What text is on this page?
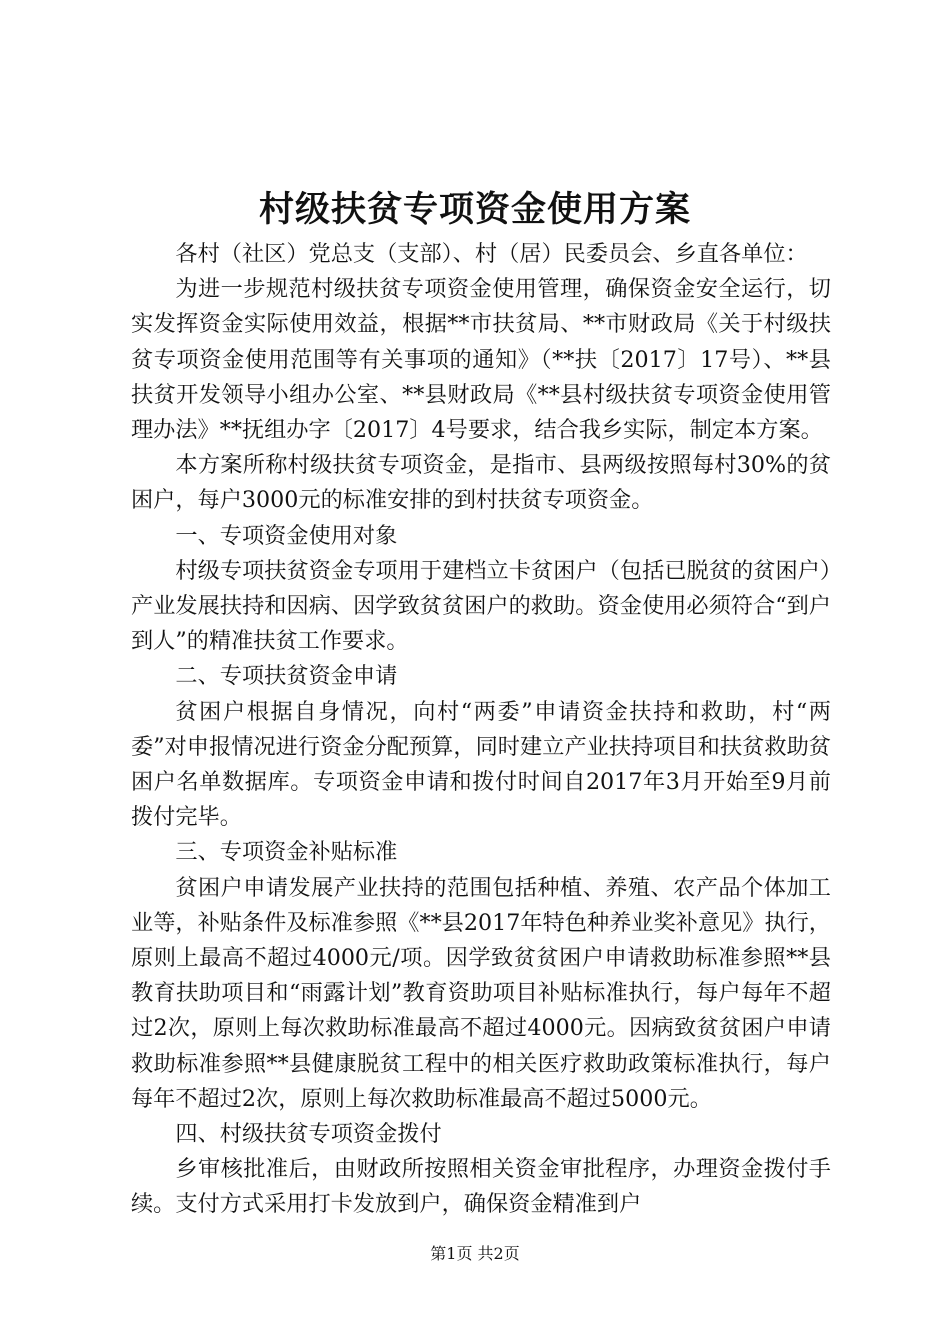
村级扶贫专项资金使用方案

各村（社区）党总支（支部）、村（居）民委员会、乡直各单位：

为进一步规范村级扶贫专项资金使用管理，确保资金安全运行，切实发挥资金实际使用效益，根据**市扶贫局、**市财政局《关于村级扶贫专项资金使用范围等有关事项的通知》（**扶〔2017〕17号）、**县扶贫开发领导小组办公室、**县财政局《**县村级扶贫专项资金使用管理办法》**抚组办字〔2017〕4号要求，结合我乡实际，制定本方案。

本方案所称村级扶贫专项资金，是指市、县两级按照每村30%的贫困户，每户3000元的标准安排的到村扶贫专项资金。

一、专项资金使用对象

村级专项扶贫资金专项用于建档立卡贫困户（包括已脱贫的贫困户）产业发展扶持和因病、因学致贫贫困户的救助。资金使用必须符合“到户到人”的精准扶贫工作要求。

二、专项扶贫资金申请

贫困户根据自身情况，向村“两委”申请资金扶持和救助，村“两委”对申报情况进行资金分配预算，同时建立产业扶持项目和扶贫救助贫困户名单数据库。专项资金申请和拨付时间自2017年3月开始至9月前拨付完毕。

三、专项资金补贴标准

贫困户申请发展产业扶持的范围包括种植、养殖、农产品个体加工业等，补贴条件及标准参照《**县2017年特色种养业奖补意见》执行，原则上最高不超过4000元/项。因学致贫贫困户申请救助标准参照**县教育扶助项目和“雨露计划”教育资助项目补贴标准执行，每户每年不超过2次，原则上每次救助标准最高不超过4000元。因病致贫贫困户申请救助标准参照**县健康脱贫工程中的相关医疗救助政策标准执行，每户每年不超过2次，原则上每次救助标准最高不超过5000元。

四、村级扶贫专项资金拨付

乡审核批准后，由财政所按照相关资金审批程序，办理资金拨付手续。支付方式采用打卡发放到户，确保资金精准到户

第1页 共2页
